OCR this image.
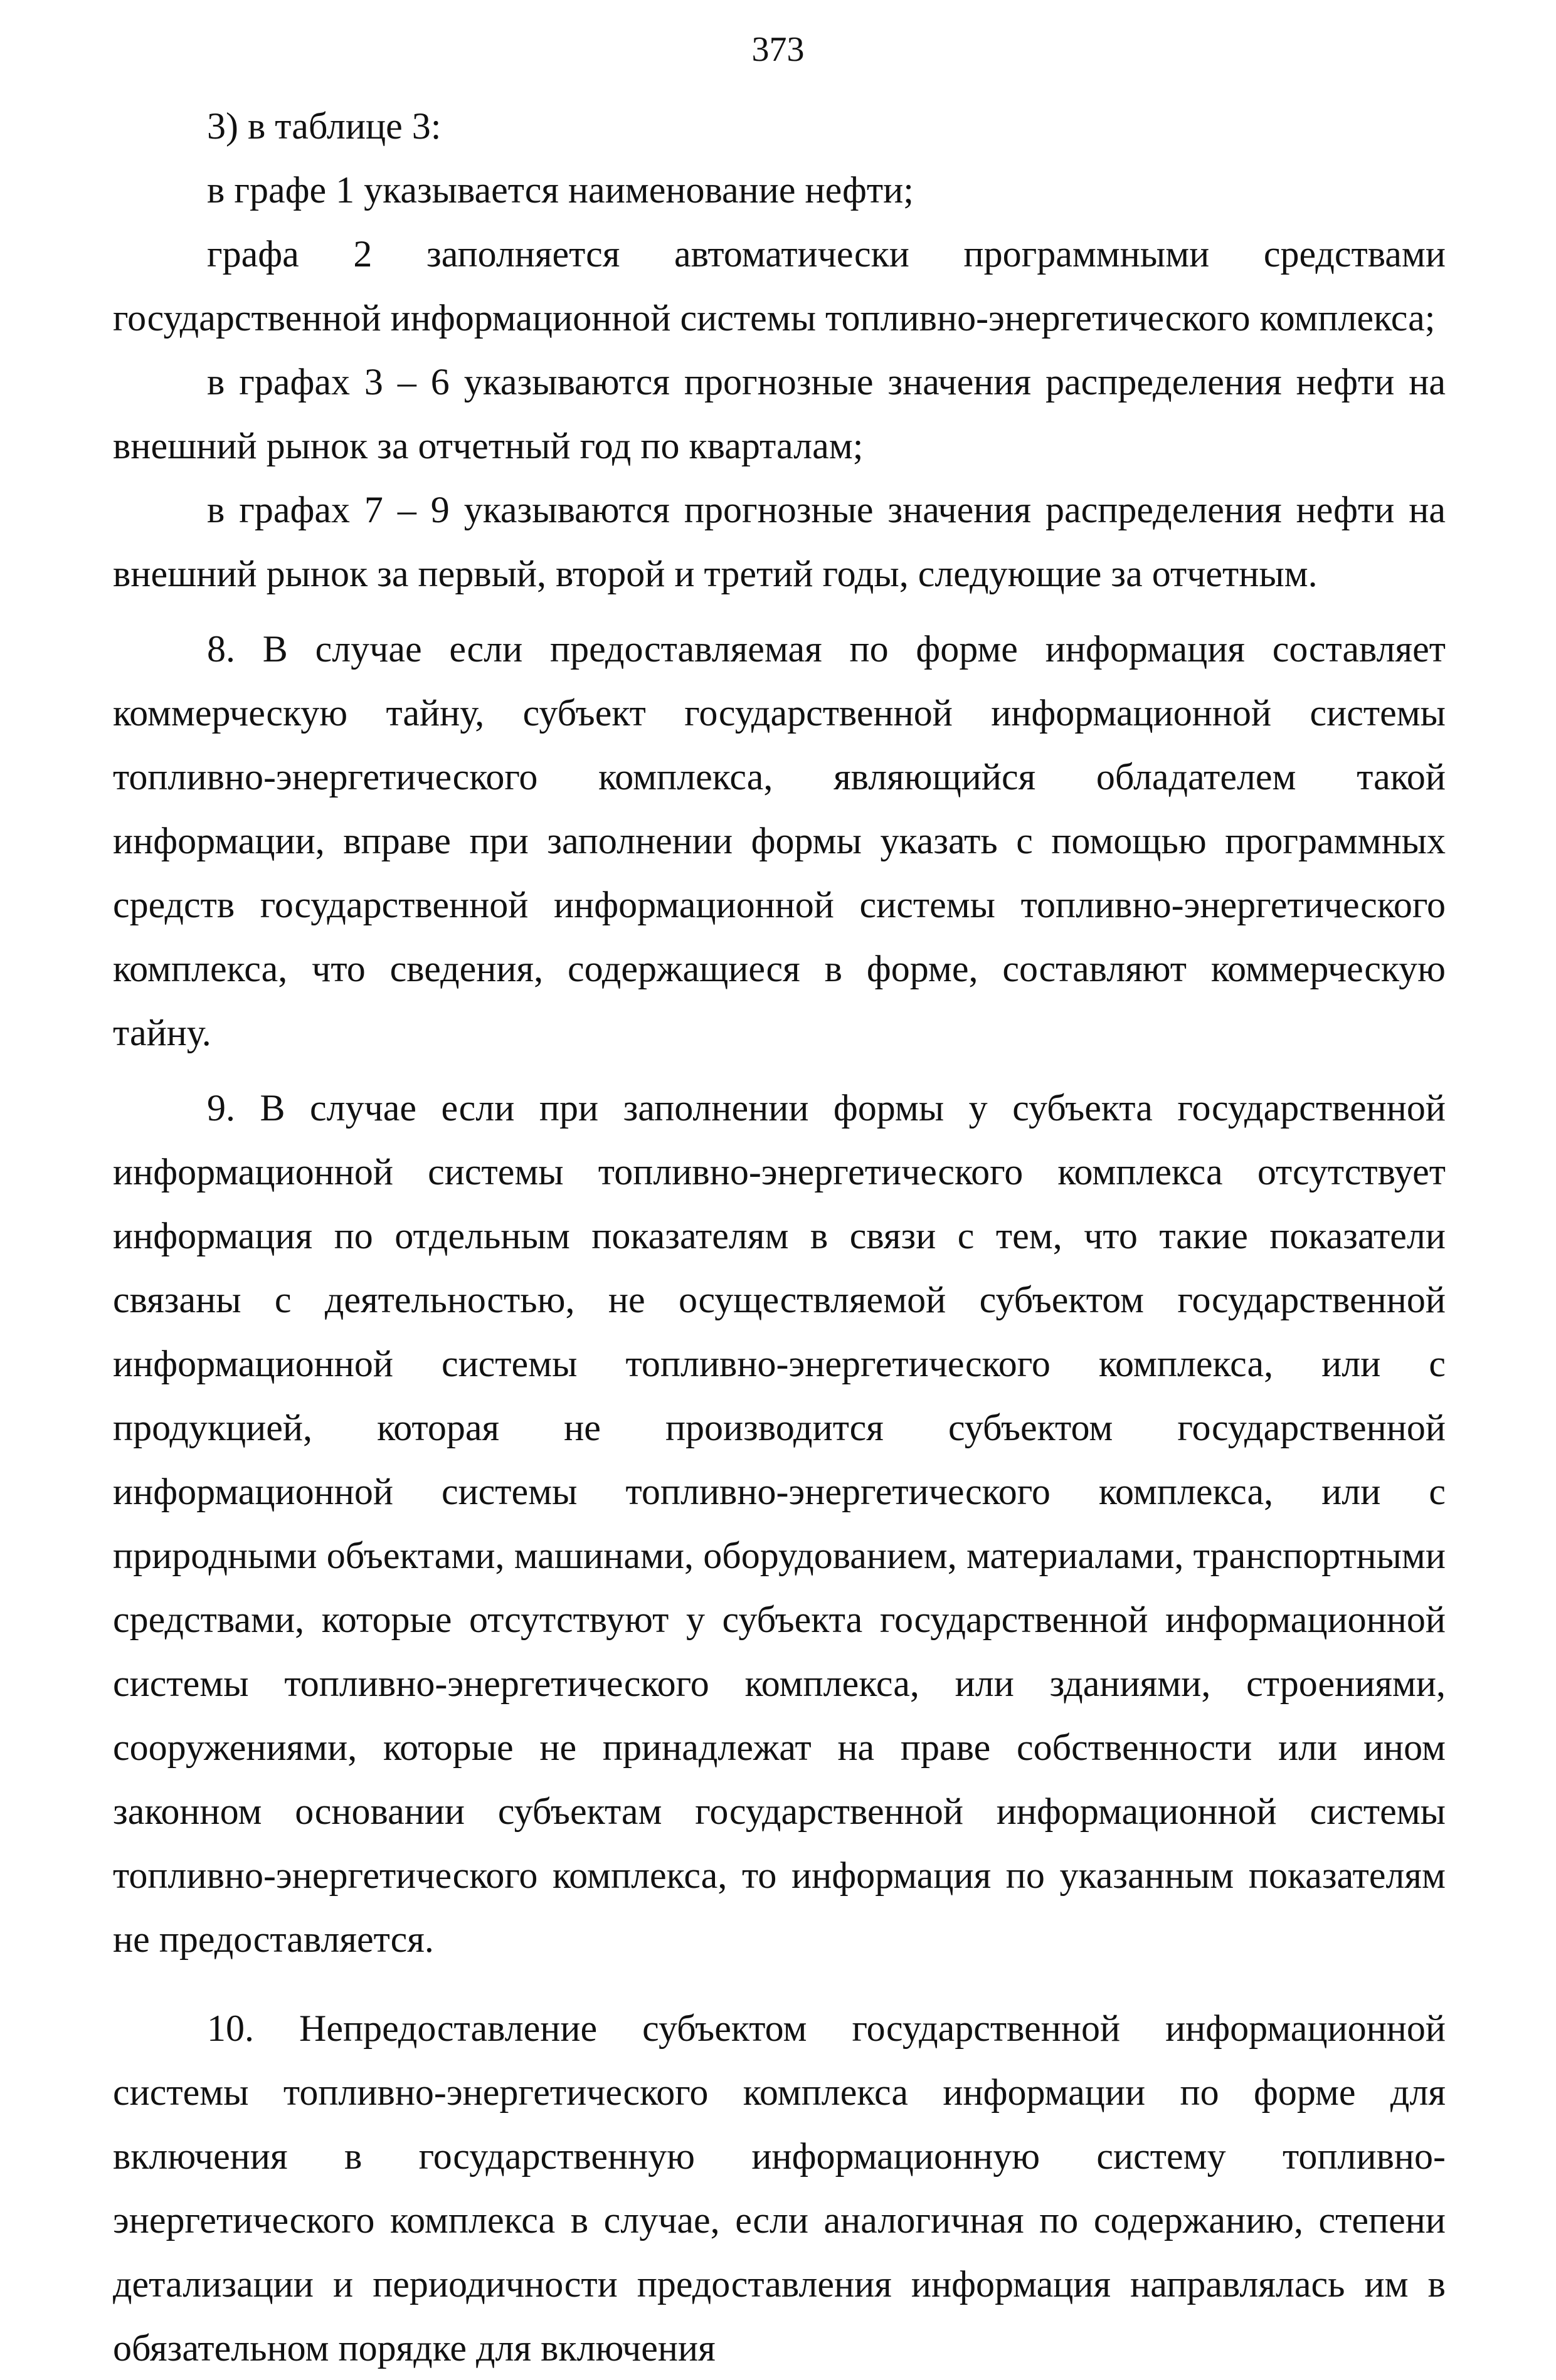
373

3) в таблице 3:

в графе 1 указывается наименование нефти;

графа 2 заполняется автоматически программными средствами государственной информационной системы топливно-энергетического комплекса;

в графах 3 – 6 указываются прогнозные значения распределения нефти на внешний рынок за отчетный год по кварталам;

в графах 7 – 9 указываются прогнозные значения распределения нефти на внешний рынок за первый, второй и третий годы, следующие за отчетным.

8. В случае если предоставляемая по форме информация составляет коммерческую тайну, субъект государственной информационной системы топливно-энергетического комплекса, являющийся обладателем такой информации, вправе при заполнении формы указать с помощью программных средств государственной информационной системы топливно-энергетического комплекса, что сведения, содержащиеся в форме, составляют коммерческую тайну.

9. В случае если при заполнении формы у субъекта государственной информационной системы топливно-энергетического комплекса отсутствует информация по отдельным показателям в связи с тем, что такие показатели связаны с деятельностью, не осуществляемой субъектом государственной информационной системы топливно-энергетического комплекса, или с продукцией, которая не производится субъектом государственной информационной системы топливно-энергетического комплекса, или с природными объектами, машинами, оборудованием, материалами, транспортными средствами, которые отсутствуют у субъекта государственной информационной системы топливно-энергетического комплекса, или зданиями, строениями, сооружениями, которые не принадлежат на праве собственности или ином законном основании субъектам государственной информационной системы топливно-энергетического комплекса, то информация по указанным показателям не предоставляется.

10. Непредоставление субъектом государственной информационной системы топливно-энергетического комплекса информации по форме для включения в государственную информационную систему топливно-энергетического комплекса в случае, если аналогичная по содержанию, степени детализации и периодичности предоставления информация направлялась им в обязательном порядке для включения
